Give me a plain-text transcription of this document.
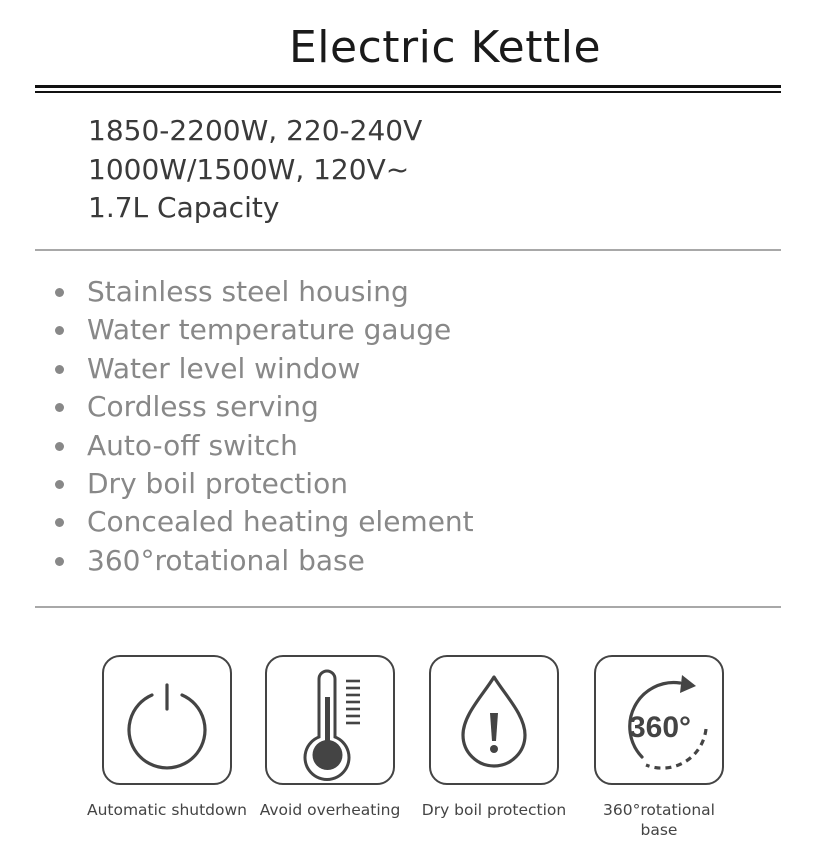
Electric Kettle
1850-2200W, 220-240V
1000W/1500W, 120V~
1.7L Capacity
Stainless steel housing
Water temperature gauge
Water level window
Cordless serving
Auto-off switch
Dry boil protection
Concealed heating element
360°rotational base
360°
Automatic shutdown Avoid overheating	Dry boil protection	360°rotational base
